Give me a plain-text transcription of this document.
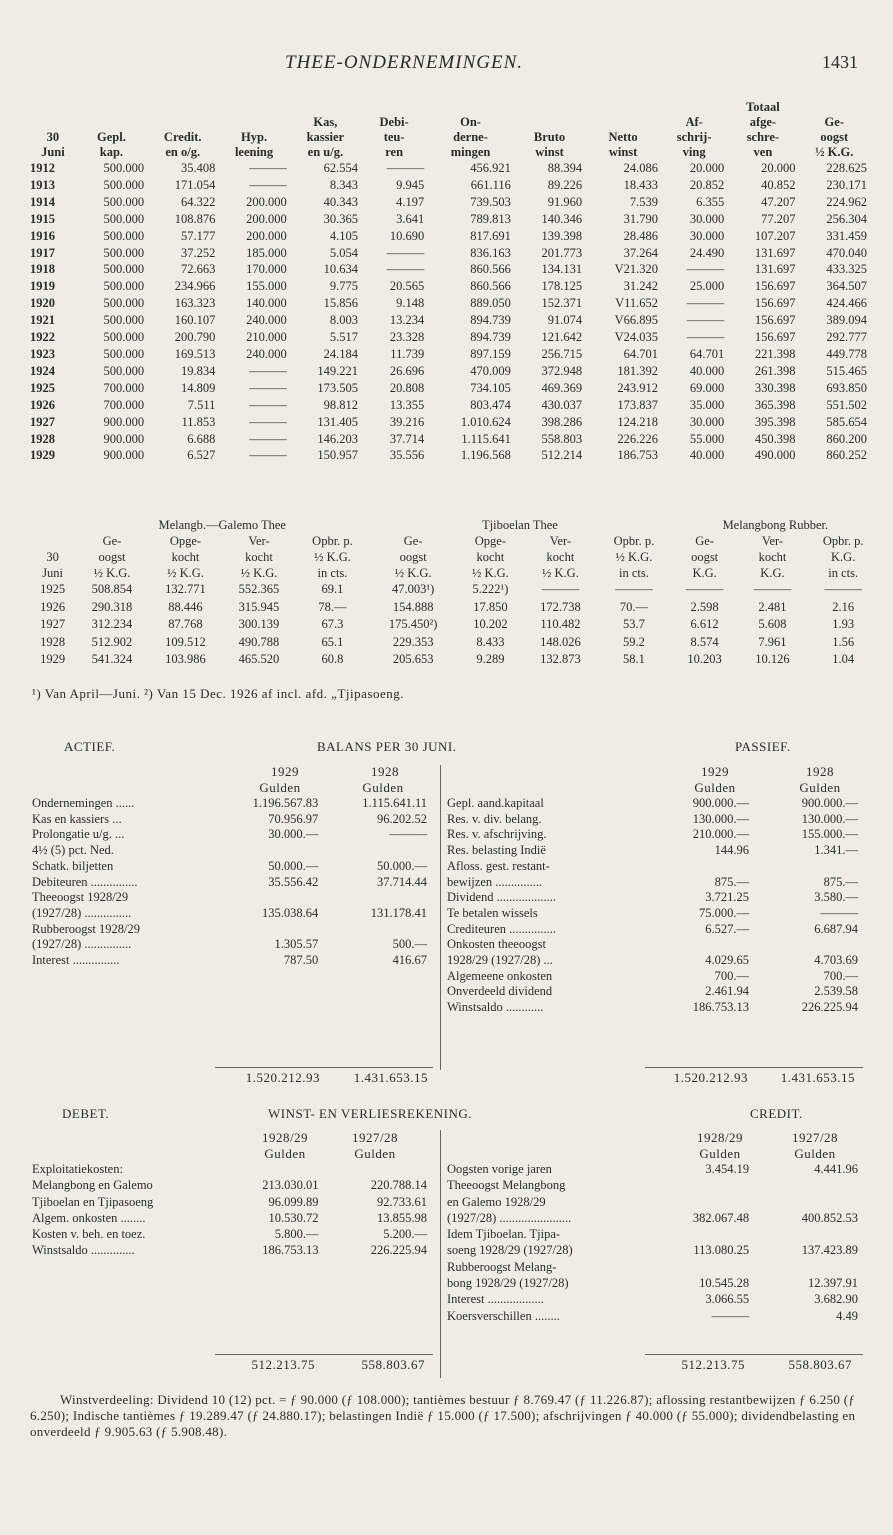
THEE-ONDERNEMINGEN.	1431
										Totaal	
				Kas,	Debi-	On-			Af-	afge-	Ge-
30	Gepl.	Credit.	Hyp.	kassier	teu-	derne-	Bruto	Netto	schrij-	schre-	oogst
Juni	kap.	en o/g.	leening	en u/g.	ren	mingen	winst	winst	ving	ven	½ K.G.
1912	500.000	35.408	———	62.554	———	456.921	88.394	24.086	20.000	20.000	228.625
1913	500.000	171.054	———	8.343	9.945	661.116	89.226	18.433	20.852	40.852	230.171
1914	500.000	64.322	200.000	40.343	4.197	739.503	91.960	7.539	6.355	47.207	224.962
1915	500.000	108.876	200.000	30.365	3.641	789.813	140.346	31.790	30.000	77.207	256.304
1916	500.000	57.177	200.000	4.105	10.690	817.691	139.398	28.486	30.000	107.207	331.459
1917	500.000	37.252	185.000	5.054	———	836.163	201.773	37.264	24.490	131.697	470.040
1918	500.000	72.663	170.000	10.634	———	860.566	134.131	V21.320	———	131.697	433.325
1919	500.000	234.966	155.000	9.775	20.565	860.566	178.125	31.242	25.000	156.697	364.507
1920	500.000	163.323	140.000	15.856	9.148	889.050	152.371	V11.652	———	156.697	424.466
1921	500.000	160.107	240.000	8.003	13.234	894.739	91.074	V66.895	———	156.697	389.094
1922	500.000	200.790	210.000	5.517	23.328	894.739	121.642	V24.035	———	156.697	292.777
1923	500.000	169.513	240.000	24.184	11.739	897.159	256.715	64.701	64.701	221.398	449.778
1924	500.000	19.834	———	149.221	26.696	470.009	372.948	181.392	40.000	261.398	515.465
1925	700.000	14.809	———	173.505	20.808	734.105	469.369	243.912	69.000	330.398	693.850
1926	700.000	7.511	———	98.812	13.355	803.474	430.037	173.837	35.000	365.398	551.502
1927	900.000	11.853	———	131.405	39.216	1.010.624	398.286	124.218	30.000	395.398	585.654
1928	900.000	6.688	———	146.203	37.714	1.115.641	558.803	226.226	55.000	450.398	860.200
1929	900.000	6.527	———	150.957	35.556	1.196.568	512.214	186.753	40.000	490.000	860.252
	Melangb.—Galemo Thee				Tjiboelan Thee				Melangbong Rubber.		
	Ge-	Opge-	Ver-	Opbr. p.	Ge-	Opge-	Ver-	Opbr. p.	Ge-	Ver-	Opbr. p.
30	oogst	kocht	kocht	½ K.G.	oogst	kocht	kocht	½ K.G.	oogst	kocht	K.G.
Juni	½ K.G.	½ K.G.	½ K.G.	in cts.	½ K.G.	½ K.G.	½ K.G.	in cts.	K.G.	K.G.	in cts.
1925	508.854	132.771	552.365	69.1	47.003¹)	5.222¹)	———	———	———	———	———
1926	290.318	88.446	315.945	78.—	154.888	17.850	172.738	70.—	2.598	2.481	2.16
1927	312.234	87.768	300.139	67.3	175.450²)	10.202	110.482	53.7	6.612	5.608	1.93
1928	512.902	109.512	490.788	65.1	229.353	8.433	148.026	59.2	8.574	7.961	1.56
1929	541.324	103.986	465.520	60.8	205.653	9.289	132.873	58.1	10.203	10.126	1.04
¹) Van April—Juni. ²) Van 15 Dec. 1926 af incl. afd. „Tjipasoeng.
ACTIEF.	BALANS PER 30 JUNI.	PASSIEF.
1929	1928
Gulden	Gulden
1929	1928
Gulden	Gulden
Ondernemingen ......	1.196.567.83	1.115.641.11
Kas en kassiers ...	70.956.97	96.202.52
Prolongatie u/g. ...	30.000.—	———
4½ (5) pct. Ned.		
Schatk. biljetten	50.000.—	50.000.—
Debiteuren ...............	35.556.42	37.714.44
Theeoogst 1928/29		
(1927/28) ...............	135.038.64	131.178.41
Rubberoogst 1928/29		
(1927/28) ...............	1.305.57	500.—
Interest ...............	787.50	416.67
Gepl. aand.kapitaal	900.000.—	900.000.—
Res. v. div. belang.	130.000.—	130.000.—
Res. v. afschrijving.	210.000.—	155.000.—
Res. belasting Indië	144.96	1.341.—
Afloss. gest. restant-		
bewijzen ...............	875.—	875.—
Dividend ...................	3.721.25	3.580.—
Te betalen wissels	75.000.—	———
Crediteuren ...............	6.527.—	6.687.94
Onkosten theeoogst		
1928/29 (1927/28) ...	4.029.65	4.703.69
Algemeene onkosten	700.—	700.—
Onverdeeld dividend	2.461.94	2.539.58
Winstsaldo ............	186.753.13	226.225.94
1.520.212.93	1.431.653.15	1.520.212.93	1.431.653.15
DEBET.	WINST- EN VERLIESREKENING.	CREDIT.
1928/29	1927/28
Gulden	Gulden
1928/29	1927/28
Gulden	Gulden
Exploitatiekosten:		
Melangbong en Galemo	213.030.01	220.788.14
Tjiboelan en Tjipasoeng	96.099.89	92.733.61
Algem. onkosten ........	10.530.72	13.855.98
Kosten v. beh. en toez.	5.800.—	5.200.—
Winstsaldo ..............	186.753.13	226.225.94
Oogsten vorige jaren	3.454.19	4.441.96
Theeoogst Melangbong		
en Galemo 1928/29		
(1927/28) .......................	382.067.48	400.852.53
Idem Tjiboelan. Tjipa-		
soeng 1928/29 (1927/28)	113.080.25	137.423.89
Rubberoogst Melang-		
bong 1928/29 (1927/28)	10.545.28	12.397.91
Interest ..................	3.066.55	3.682.90
Koersverschillen ........	———	4.49
512.213.75	558.803.67	512.213.75	558.803.67
Winstverdeeling: Dividend 10 (12) pct. = ƒ 90.000 (ƒ 108.000); tantièmes bestuur ƒ 8.769.47 (ƒ 11.226.87); aflossing restantbewijzen ƒ 6.250 (ƒ 6.250); Indische tantièmes ƒ 19.289.47 (ƒ 24.880.17); belastingen Indië ƒ 15.000 (ƒ 17.500); afschrijvingen ƒ 40.000 (ƒ 55.000); dividendbelasting en onverdeeld ƒ 9.905.63 (ƒ 5.908.48).
